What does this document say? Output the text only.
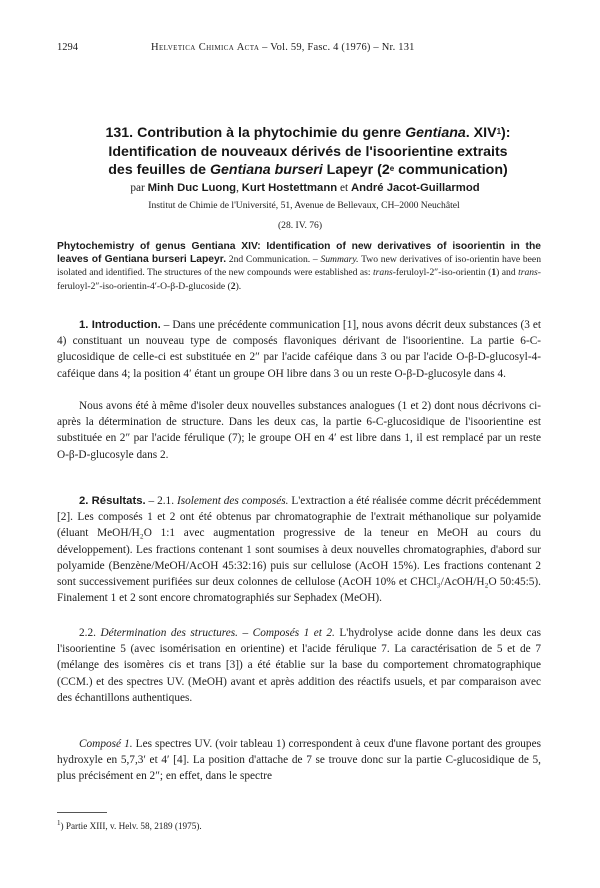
1294	Helvetica Chimica Acta – Vol. 59, Fasc. 4 (1976) – Nr. 131
131. Contribution à la phytochimie du genre Gentiana. XIV$^1$):
Identification de nouveaux dérivés de l'isoorientine extraits
des feuilles de Gentiana burseri Lapeyr (2e communication)
par Minh Duc Luong, Kurt Hostettmann et André Jacot-Guillarmod
Institut de Chimie de l'Université, 51, Avenue de Bellevaux, CH–2000 Neuchâtel
(28. IV. 76)
Phytochemistry of genus Gentiana XIV: Identification of new derivatives of isoorientin in the leaves of Gentiana burseri Lapeyr. 2nd Communication. – Summary. Two new derivatives of iso-orientin have been isolated and identified. The structures of the new compounds were established as: trans-feruloyl-2″-iso-orientin (1) and trans-feruloyl-2″-iso-orientin-4′-O-β-D-glucoside (2).

1. Introduction. – Dans une précédente communication [1], nous avons décrit deux substances (3 et 4) constituant un nouveau type de composés flavoniques dérivant de l'isoorientine. La partie 6-C-glucosidique de celle-ci est substituée en 2″ par l'acide caféique dans 3 ou par l'acide O-β-D-glucosyl-4-caféique dans 4; la position 4′ étant un groupe OH libre dans 3 ou un reste O-β-D-glucosyle dans 4.

Nous avons été à même d'isoler deux nouvelles substances analogues (1 et 2) dont nous décrivons ci-après la détermination de structure. Dans les deux cas, la partie 6-C-glucosidique de l'isoorientine est substituée en 2″ par l'acide férulique (7); le groupe OH en 4′ est libre dans 1, il est remplacé par un reste O-β-D-glucosyle dans 2.

2. Résultats. – 2.1. Isolement des composés. L'extraction a été réalisée comme décrit précédemment [2]. Les composés 1 et 2 ont été obtenus par chromatographie de l'extrait méthanolique sur polyamide (éluant MeOH/H₂O 1:1 avec augmentation progressive de la teneur en MeOH au cours du développement). Les fractions contenant 1 sont soumises à deux nouvelles chromatographies, d'abord sur polyamide (Benzène/MeOH/AcOH 45:32:16) puis sur cellulose (AcOH 15%). Les fractions contenant 2 sont successivement purifiées sur deux colonnes de cellulose (AcOH 10% et CHCl₃/AcOH/H₂O 50:45:5). Finalement 1 et 2 sont encore chromatographiés sur Sephadex (MeOH).

2.2. Détermination des structures. – Composés 1 et 2. L'hydrolyse acide donne dans les deux cas l'isoorientine 5 (avec isomérisation en orientine) et l'acide férulique 7. La caractérisation de 5 et de 7 (mélange des isomères cis et trans [3]) a été établie sur la base du comportement chromatographique (CCM.) et des spectres UV. (MeOH) avant et après addition des réactifs usuels, et par comparaison avec des échantillons authentiques.

Composé 1. Les spectres UV. (voir tableau 1) correspondent à ceux d'une flavone portant des groupes hydroxyle en 5,7,3′ et 4′ [4]. La position d'attache de 7 se trouve donc sur la partie C-glucosidique de 5, plus précisément en 2″; en effet, dans le spectre

$^1$) Partie XIII, v. Helv. 58, 2189 (1975).
